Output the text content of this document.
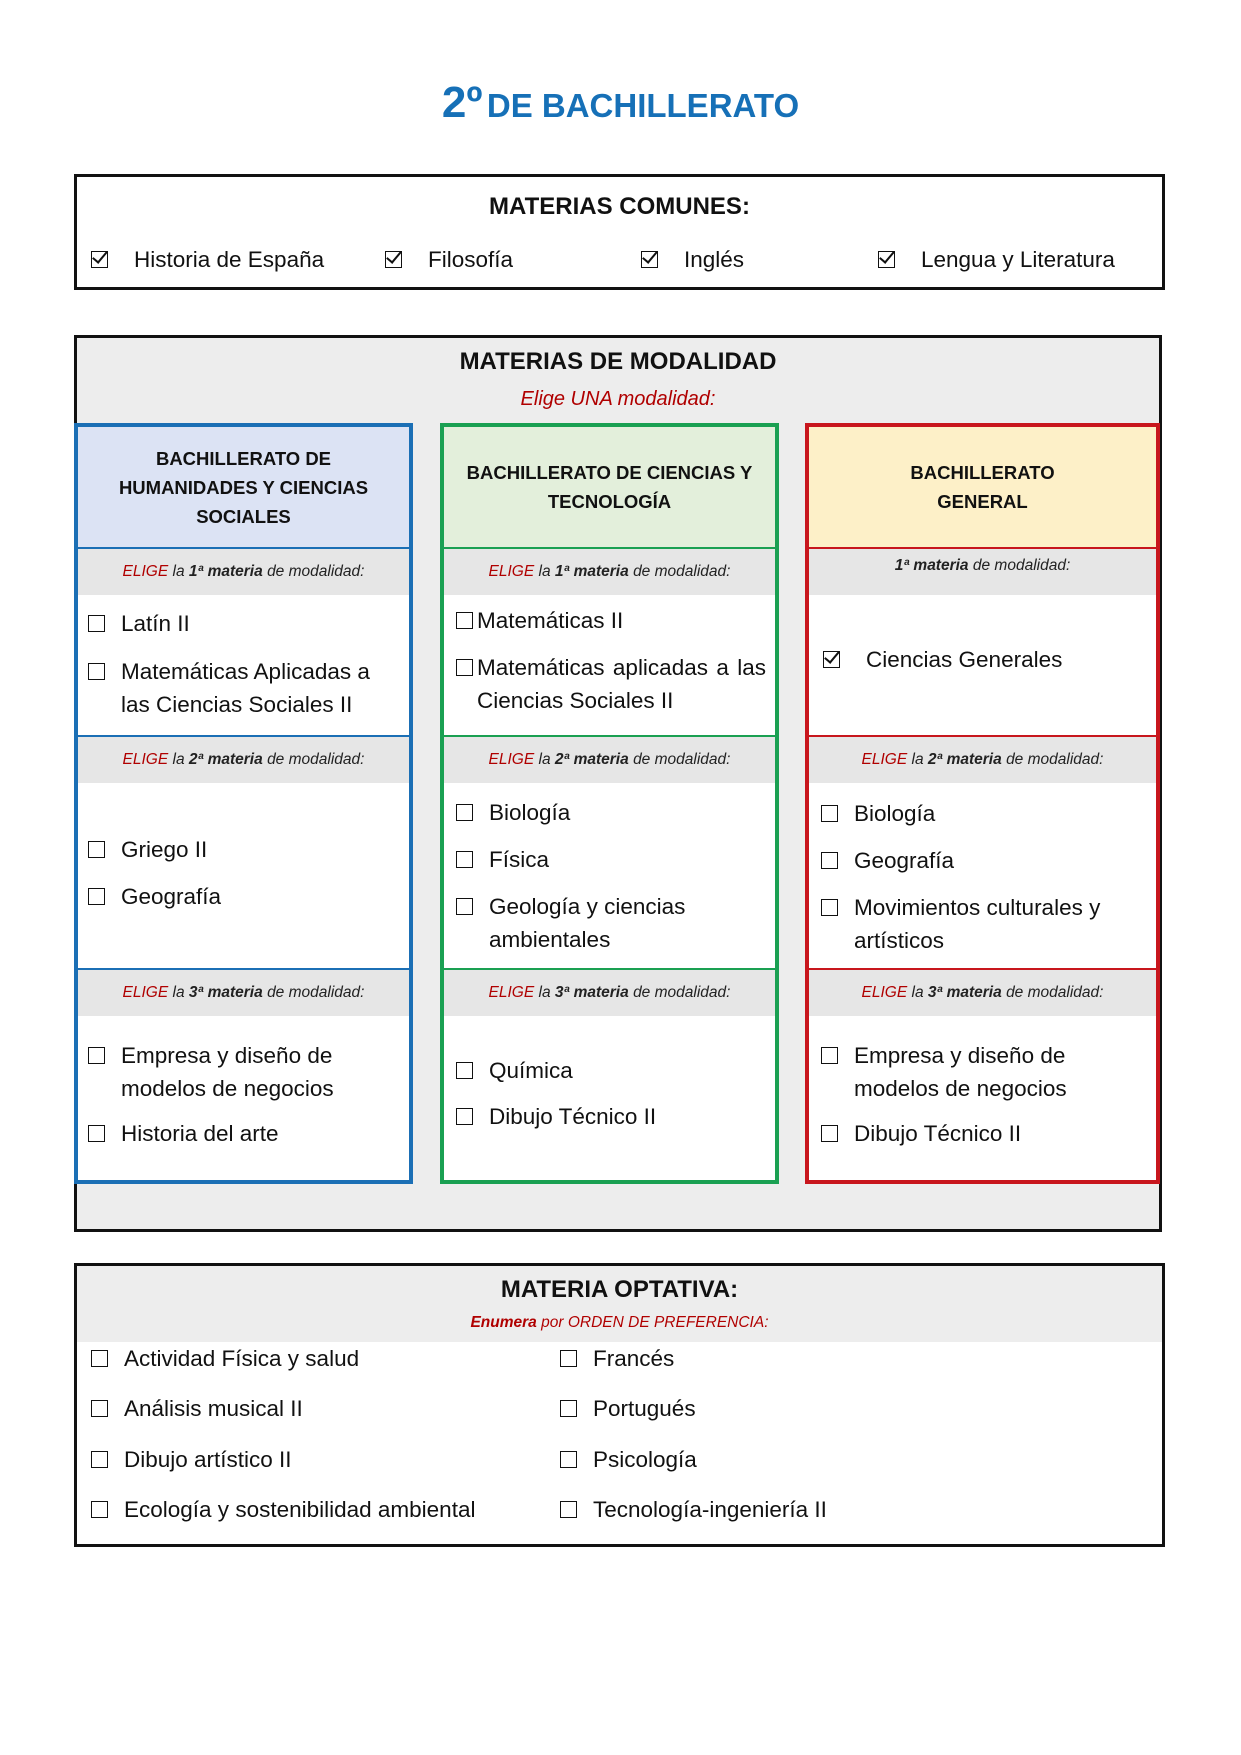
2º DE BACHILLERATO
MATERIAS COMUNES:
Historia de España	Filosofía	Inglés	Lengua y Literatura
MATERIAS DE MODALIDAD
Elige UNA modalidad:
BACHILLERATO DE HUMANIDADES Y CIENCIAS SOCIALES
ELIGE
la
1ª
materia
de modalidad:
Latín II
Matemáticas Aplicadas a las Ciencias Sociales II
ELIGE
la
2ª
materia
de modalidad:
Griego II
Geografía
ELIGE
la
3ª
materia
de modalidad:
Empresa y diseño de modelos de negocios
Historia del arte
BACHILLERATO DE CIENCIAS Y TECNOLOGÍA
ELIGE
la
1ª
materia
de modalidad:
Matemáticas II
Matemáticas aplicadas a las Ciencias Sociales II
ELIGE
la
2ª
materia
de modalidad:
Biología
Física
Geología y ciencias ambientales
ELIGE
la
3ª
materia
de modalidad:
Química
Dibujo Técnico II
BACHILLERATO GENERAL
1ª
materia
de modalidad:
Ciencias Generales
ELIGE
la
2ª
materia
de modalidad:
Biología
Geografía
Movimientos culturales y artísticos
ELIGE
la
3ª
materia
de modalidad:
Empresa y diseño de modelos de negocios
Dibujo Técnico II
MATERIA OPTATIVA:
Enumera por ORDEN DE PREFERENCIA:
Actividad Física y salud
Análisis musical II
Dibujo artístico II
Ecología y sostenibilidad ambiental
Francés
Portugués
Psicología
Tecnología-ingeniería II
